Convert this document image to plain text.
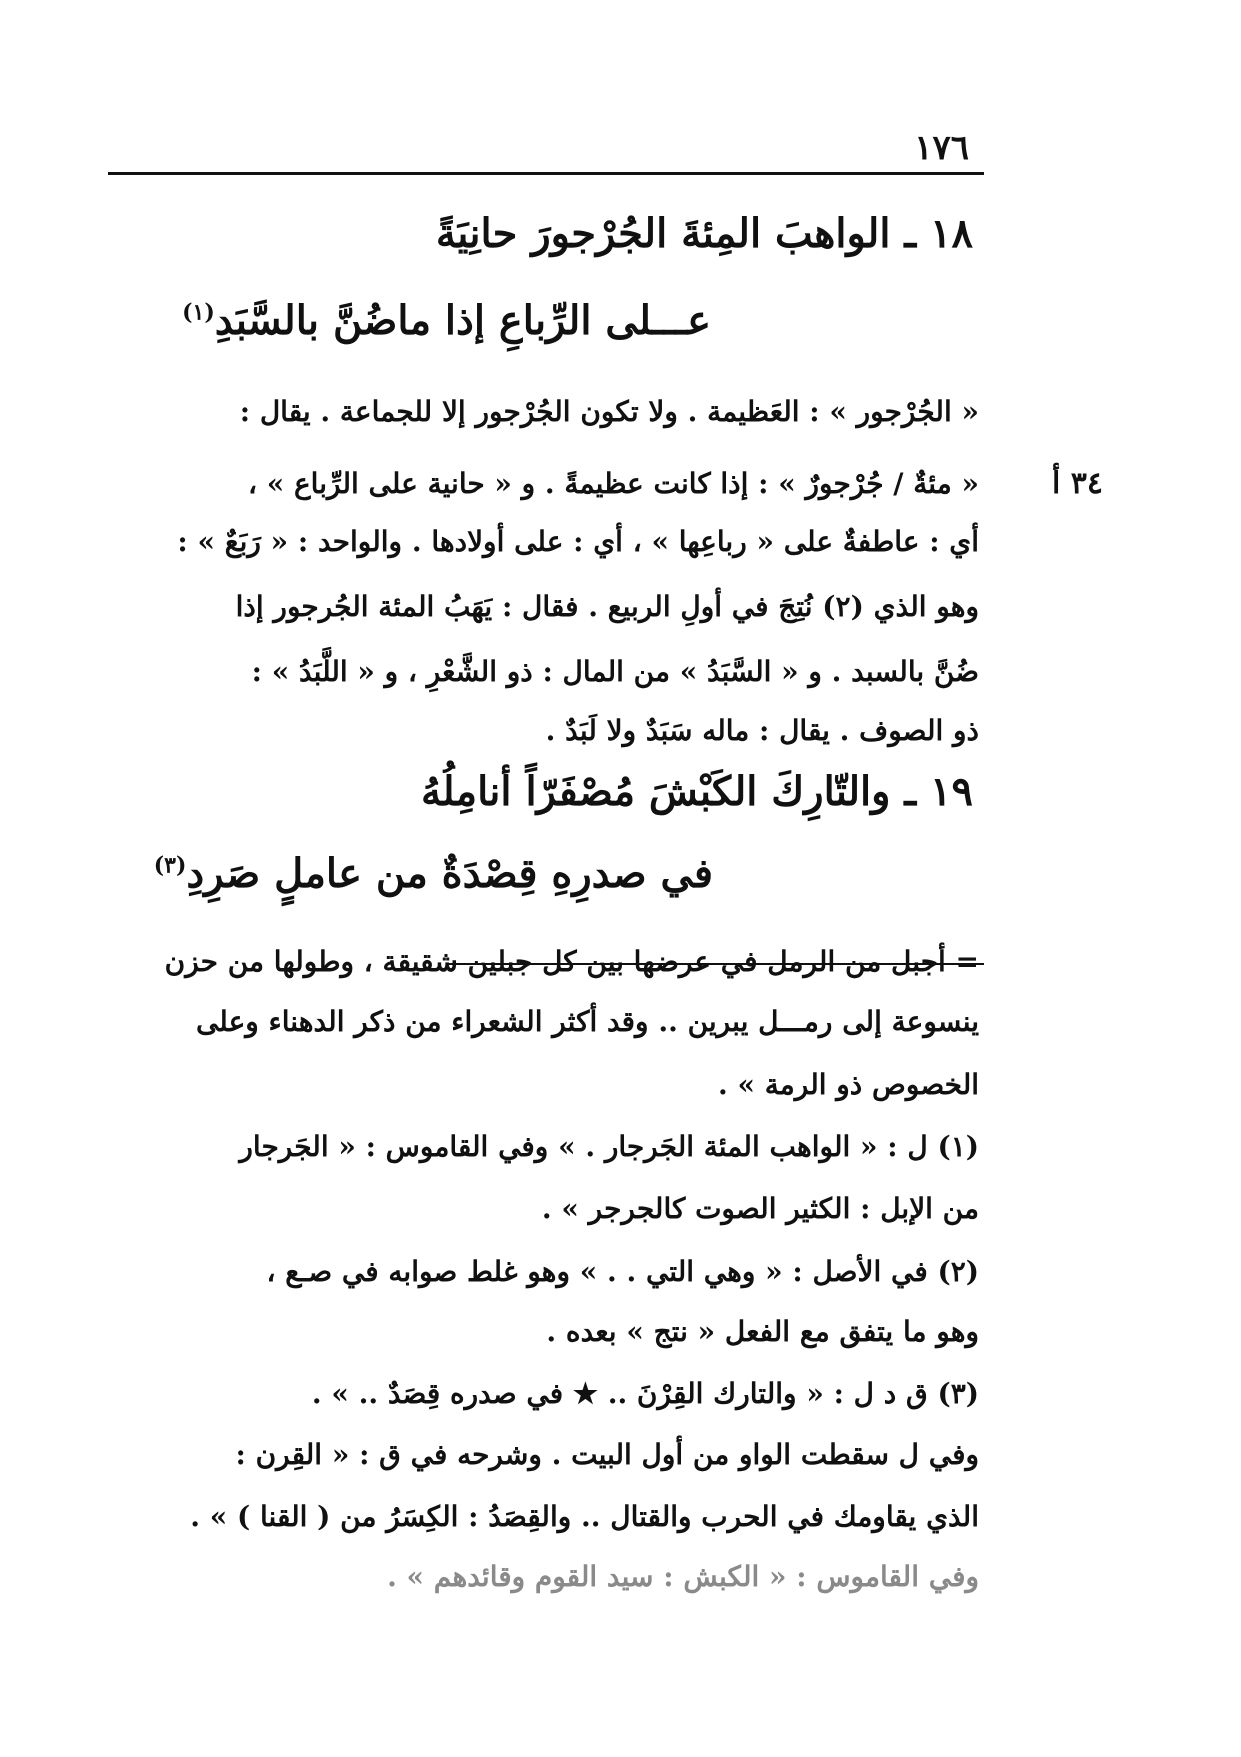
١٧٦
١٨ ـ الواهبَ المِئةَ الجُرْجورَ حانِيَةً
عـــلى الرِّباعِ إذا ماضُنَّ بالسَّبَدِ$^{(١)}$
« الجُرْجور » : العَظيمة . ولا تكون الجُرْجور إلا للجماعة . يقال :
« مئةٌ / جُرْجورٌ » : إذا كانت عظيمةً . و « حانية على الرِّباع » ، ٣٤ أ
أي : عاطفةٌ على « رباعِها » ، أي : على أولادها . والواحد : « رَبَعٌ » :
وهو الذي (٢) نُتِجَ في أولِ الربيع . فقال : يَهَبُ المئة الجُرجور إذا
ضُنَّ بالسبد . و « السَّبَدُ » من المال : ذو الشَّعْرِ ، و « اللَّبَدُ » :
ذو الصوف . يقال : ماله سَبَدٌ ولا لَبَدٌ .
١٩ ـ والتّارِكَ الكَبْشَ مُصْفَرّاً أنامِلُهُ
في صدرِهِ قِصْدَةٌ من عاملٍ صَرِدِ$^{(٣)}$
= أجبل من الرمل في عرضها بين كل جبلين شقيقة ، وطولها من حزن
ينسوعة إلى رمـــل يبرين .. وقد أكثر الشعراء من ذكر الدهناء وعلى
الخصوص ذو الرمة » .
(١) ل : « الواهب المئة الجَرجار . » وفي القاموس : « الجَرجار
من الإبل : الكثير الصوت كالجرجر » .
(٢) في الأصل : « وهي التي . . » وهو غلط صوابه في صـع ،
وهو ما يتفق مع الفعل « نتج » بعده .
(٣) ق د ل : « والتارك القِرْنَ .. ★ في صدره قِصَدٌ .. » .
وفي ل سقطت الواو من أول البيت . وشرحه في ق : « القِرن :
الذي يقاومك في الحرب والقتال .. والقِصَدُ : الكِسَرُ من ( القنا ) » .
وفي القاموس : « الكبش : سيد القوم وقائدهم » .
